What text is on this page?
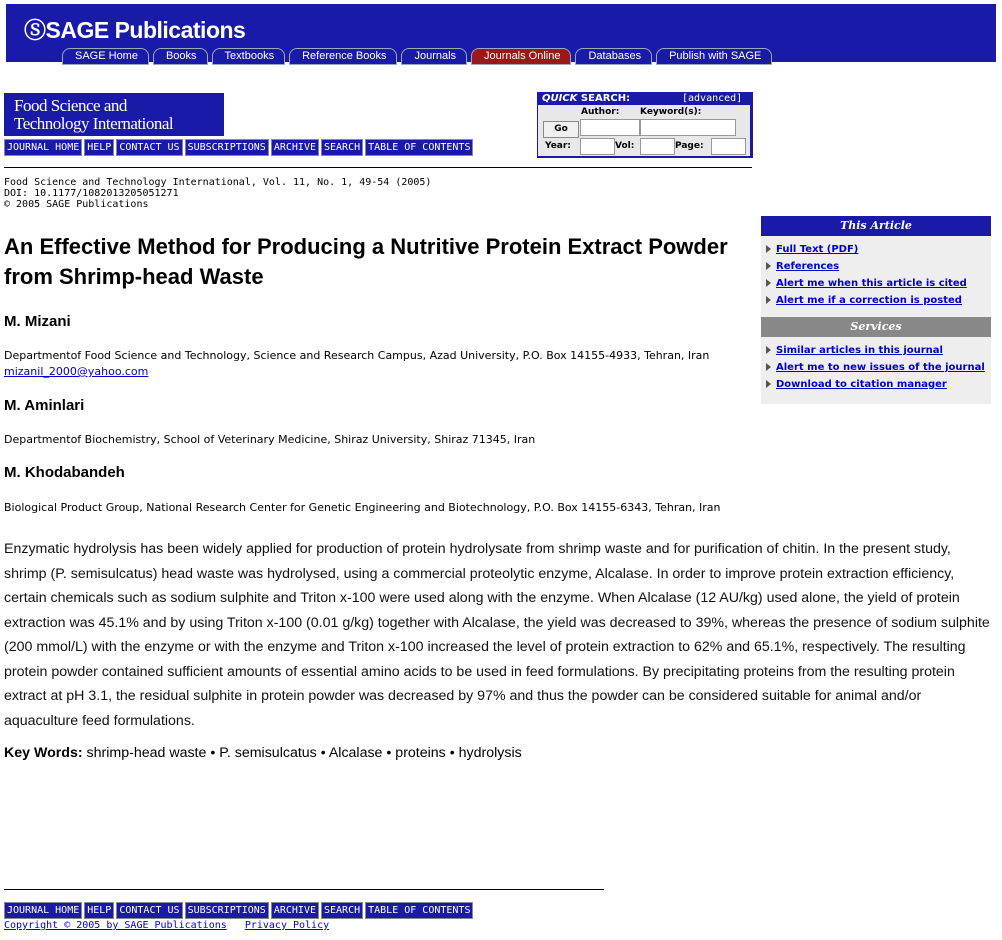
ⓈSAGE Publications
SAGE Home	Books	Textbooks	Reference Books	Journals	Journals Online	Databases	Publish with SAGE
Food Science and
Technology International
JOURNAL HOME HELP CONTACT US SUBSCRIPTIONS ARCHIVE SEARCH TABLE OF CONTENTS
QUICK SEARCH:	[advanced]
Author: Keyword(s):
Go
Year:	Vol:	Page:
Food Science and Technology International, Vol. 11, No. 1, 49-54 (2005)
DOI: 10.1177/1082013205051271
© 2005 SAGE Publications
An Effective Method for Producing a Nutritive Protein Extract Powder from Shrimp-head Waste
M. Mizani
Departmentof Food Science and Technology, Science and Research Campus, Azad University, P.O. Box 14155-4933, Tehran, Iran mizanil_2000@yahoo.com
M. Aminlari
Departmentof Biochemistry, School of Veterinary Medicine, Shiraz University, Shiraz 71345, Iran
M. Khodabandeh
Biological Product Group, National Research Center for Genetic Engineering and Biotechnology, P.O. Box 14155-6343, Tehran, Iran
Enzymatic hydrolysis has been widely applied for production of protein hydrolysate from shrimp waste and for purification of chitin. In the present study, shrimp (P. semisulcatus) head waste was hydrolysed, using a commercial proteolytic enzyme, Alcalase. In order to improve protein extraction efficiency, certain chemicals such as sodium sulphite and Triton x-100 were used along with the enzyme. When Alcalase (12 AU/kg) used alone, the yield of protein extraction was 45.1% and by using Triton x-100 (0.01 g/kg) together with Alcalase, the yield was decreased to 39%, whereas the presence of sodium sulphite (200 mmol/L) with the enzyme or with the enzyme and Triton x-100 increased the level of protein extraction to 62% and 65.1%, respectively. The resulting protein powder contained sufficient amounts of essential amino acids to be used in feed formulations. By precipitating proteins from the resulting protein extract at pH 3.1, the residual sulphite in protein powder was decreased by 97% and thus the powder can be considered suitable for animal and/or aquaculture feed formulations.
Key Words: shrimp-head waste • P. semisulcatus • Alcalase • proteins • hydrolysis
This Article
Full Text (PDF)
References
Alert me when this article is cited
Alert me if a correction is posted
Services
Similar articles in this journal
Alert me to new issues of the journal
Download to citation manager
JOURNAL HOME HELP CONTACT US SUBSCRIPTIONS ARCHIVE SEARCH TABLE OF CONTENTS
Copyright © 2005 by SAGE Publications Privacy Policy
